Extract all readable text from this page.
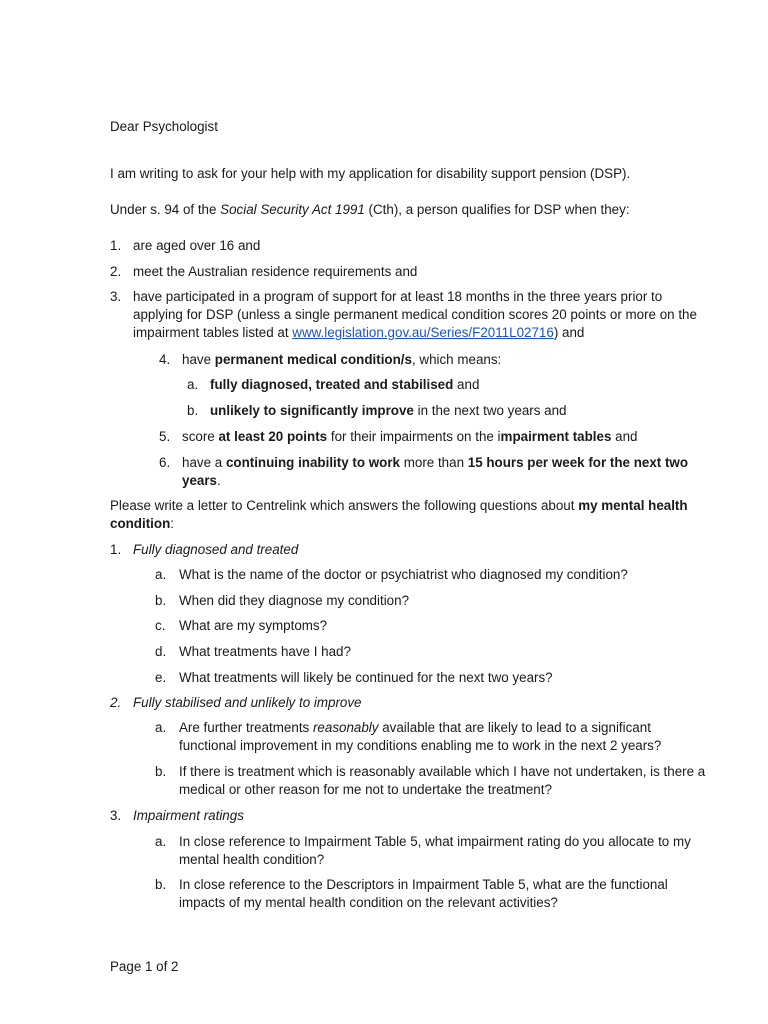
Dear Psychologist

I am writing to ask for your help with my application for disability support pension (DSP).

Under s. 94 of the Social Security Act 1991 (Cth), a person qualifies for DSP when they:

1. are aged over 16 and
2. meet the Australian residence requirements and
3. have participated in a program of support for at least 18 months in the three years prior to applying for DSP (unless a single permanent medical condition scores 20 points or more on the impairment tables listed at www.legislation.gov.au/Series/F2011L02716) and
4. have permanent medical condition/s, which means:
a. fully diagnosed, treated and stabilised and
b. unlikely to significantly improve in the next two years and
5. score at least 20 points for their impairments on the impairment tables and
6. have a continuing inability to work more than 15 hours per week for the next two years.

Please write a letter to Centrelink which answers the following questions about my mental health condition:

1. Fully diagnosed and treated
a. What is the name of the doctor or psychiatrist who diagnosed my condition?
b. When did they diagnose my condition?
c. What are my symptoms?
d. What treatments have I had?
e. What treatments will likely be continued for the next two years?
2. Fully stabilised and unlikely to improve
a. Are further treatments reasonably available that are likely to lead to a significant functional improvement in my conditions enabling me to work in the next 2 years?
b. If there is treatment which is reasonably available which I have not undertaken, is there a medical or other reason for me not to undertake the treatment?
3. Impairment ratings
a. In close reference to Impairment Table 5, what impairment rating do you allocate to my mental health condition?
b. In close reference to the Descriptors in Impairment Table 5, what are the functional impacts of my mental health condition on the relevant activities?
Page 1 of 2
